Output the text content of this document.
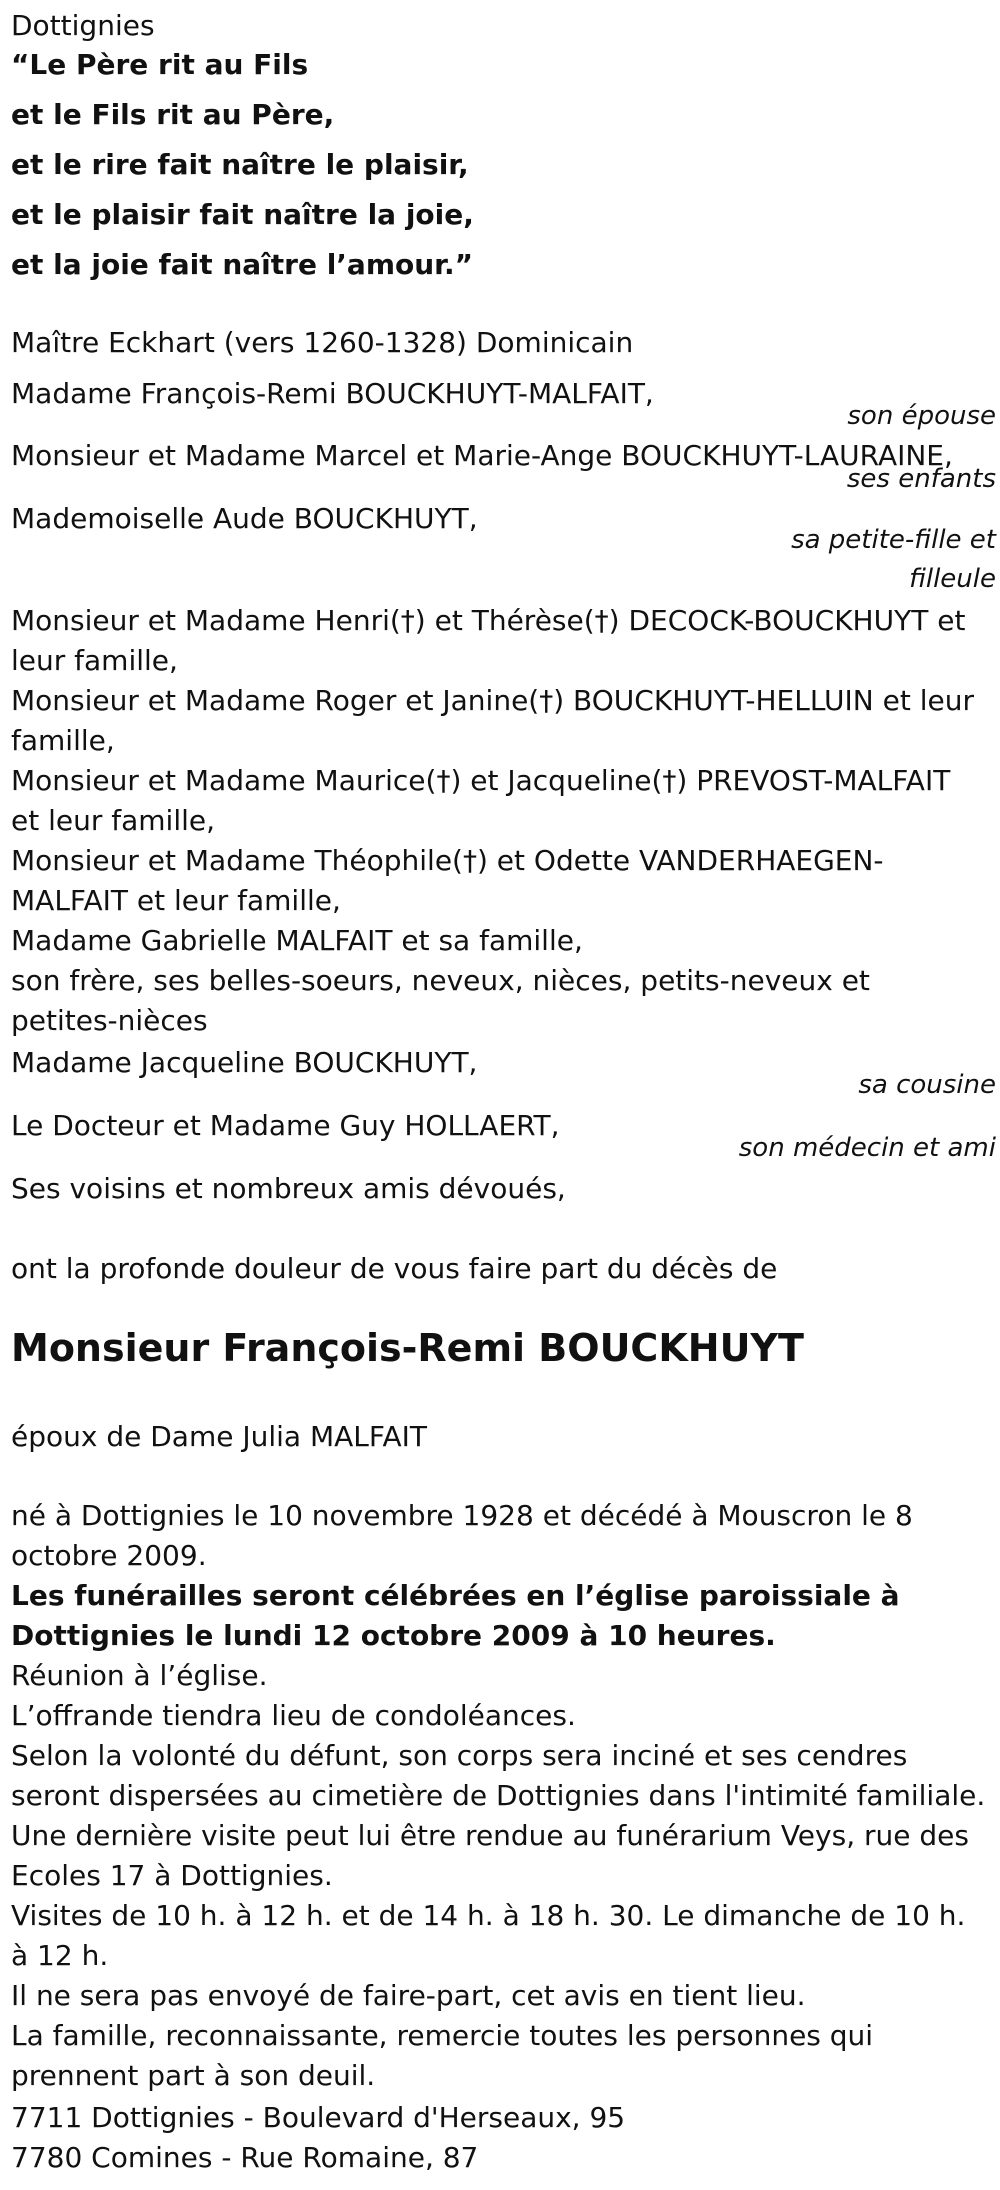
Dottignies
“Le Père rit au Fils
et le Fils rit au Père,
et le rire fait naître le plaisir,
et le plaisir fait naître la joie,
et la joie fait naître l’amour.”
Maître Eckhart (vers 1260-1328) Dominicain
Madame François-Remi BOUCKHUYT-MALFAIT,
son épouse
Monsieur et Madame Marcel et Marie-Ange BOUCKHUYT-LAURAINE,
ses enfants
Mademoiselle Aude BOUCKHUYT,
sa petite-fille et
filleule
Monsieur et Madame Henri(†) et Thérèse(†) DECOCK-BOUCKHUYT et leur famille,
Monsieur et Madame Roger et Janine(†) BOUCKHUYT-HELLUIN et leur famille,
Monsieur et Madame Maurice(†) et Jacqueline(†) PREVOST-MALFAIT et leur famille,
Monsieur et Madame Théophile(†) et Odette VANDERHAEGEN-MALFAIT et leur famille,
Madame Gabrielle MALFAIT et sa famille,
son frère, ses belles-soeurs, neveux, nièces, petits-neveux et petites-nièces
Madame Jacqueline BOUCKHUYT,
sa cousine
Le Docteur et Madame Guy HOLLAERT,
son médecin et ami
Ses voisins et nombreux amis dévoués,
ont la profonde douleur de vous faire part du décès de
Monsieur François-Remi BOUCKHUYT
époux de Dame Julia MALFAIT
né à Dottignies le 10 novembre 1928 et décédé à Mouscron le 8 octobre 2009.
Les funérailles seront célébrées en l’église paroissiale à Dottignies le lundi 12 octobre 2009 à 10 heures.
Réunion à l’église.
L’offrande tiendra lieu de condoléances.
Selon la volonté du défunt, son corps sera inciné et ses cendres seront dispersées au cimetière de Dottignies dans l'intimité familiale.
Une dernière visite peut lui être rendue au funérarium Veys, rue des Ecoles 17 à Dottignies.
Visites de 10 h. à 12 h. et de 14 h. à 18 h. 30. Le dimanche de 10 h. à 12 h.
Il ne sera pas envoyé de faire-part, cet avis en tient lieu.
La famille, reconnaissante, remercie toutes les personnes qui prennent part à son deuil.
7711 Dottignies - Boulevard d'Herseaux, 95
7780 Comines - Rue Romaine, 87
